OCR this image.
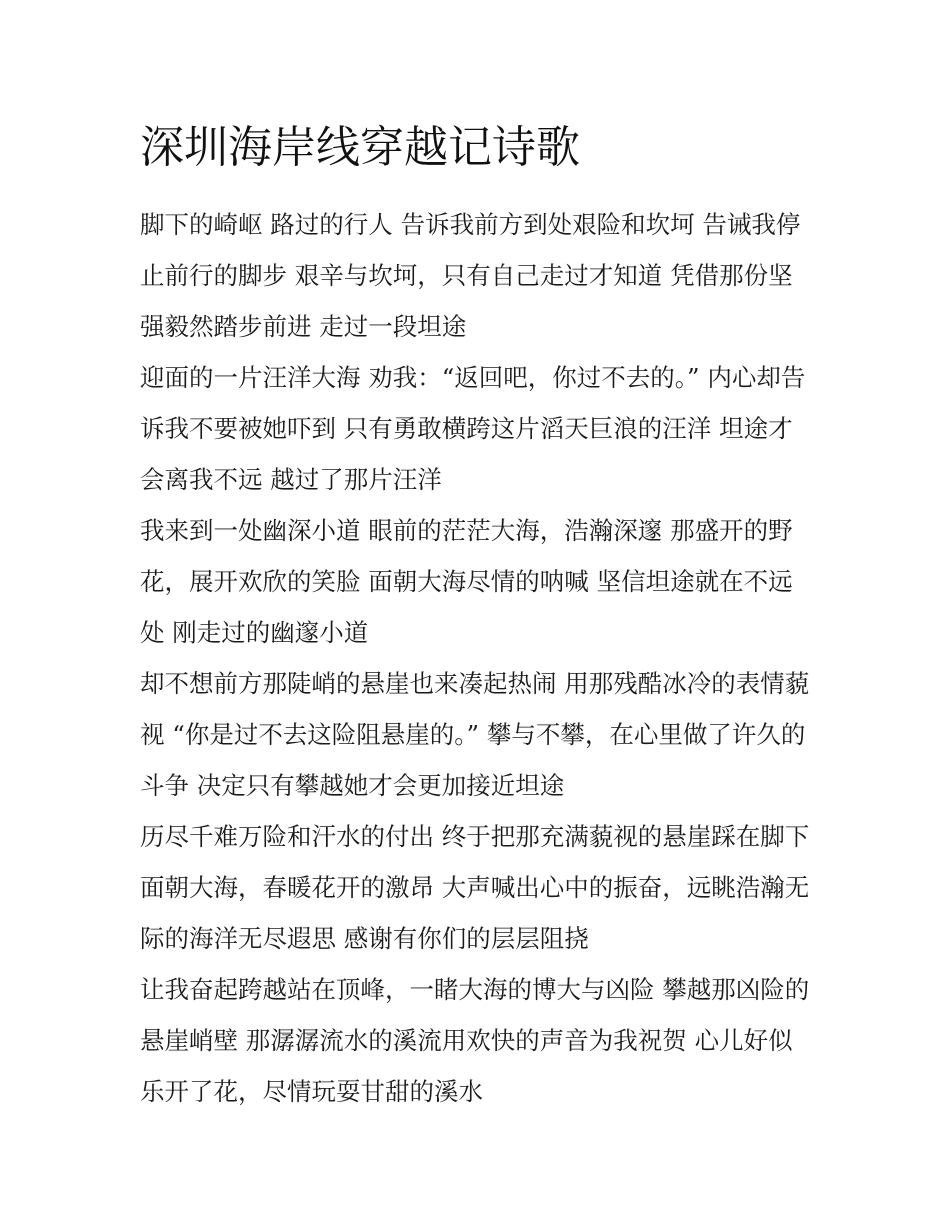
深圳海岸线穿越记诗歌

脚下的崎岖 路过的行人 告诉我前方到处艰险和坎坷 告诫我停止前行的脚步 艰辛与坎坷，只有自己走过才知道 凭借那份坚强毅然踏步前进 走过一段坦途

迎面的一片汪洋大海 劝我：“返回吧，你过不去的。” 内心却告诉我不要被她吓到 只有勇敢横跨这片滔天巨浪的汪洋 坦途才会离我不远 越过了那片汪洋

我来到一处幽深小道 眼前的茫茫大海，浩瀚深邃 那盛开的野花，展开欢欣的笑脸 面朝大海尽情的呐喊 坚信坦途就在不远处 刚走过的幽邃小道

却不想前方那陡峭的悬崖也来凑起热闹 用那残酷冰冷的表情藐视 “你是过不去这险阻悬崖的。” 攀与不攀，在心里做了许久的斗争 决定只有攀越她才会更加接近坦途

历尽千难万险和汗水的付出 终于把那充满藐视的悬崖踩在脚下 面朝大海，春暖花开的激昂 大声喊出心中的振奋，远眺浩瀚无际的海洋无尽遐思 感谢有你们的层层阻挠

让我奋起跨越站在顶峰，一睹大海的博大与凶险 攀越那凶险的悬崖峭壁 那潺潺流水的溪流用欢快的声音为我祝贺 心儿好似乐开了花，尽情玩耍甘甜的溪水
